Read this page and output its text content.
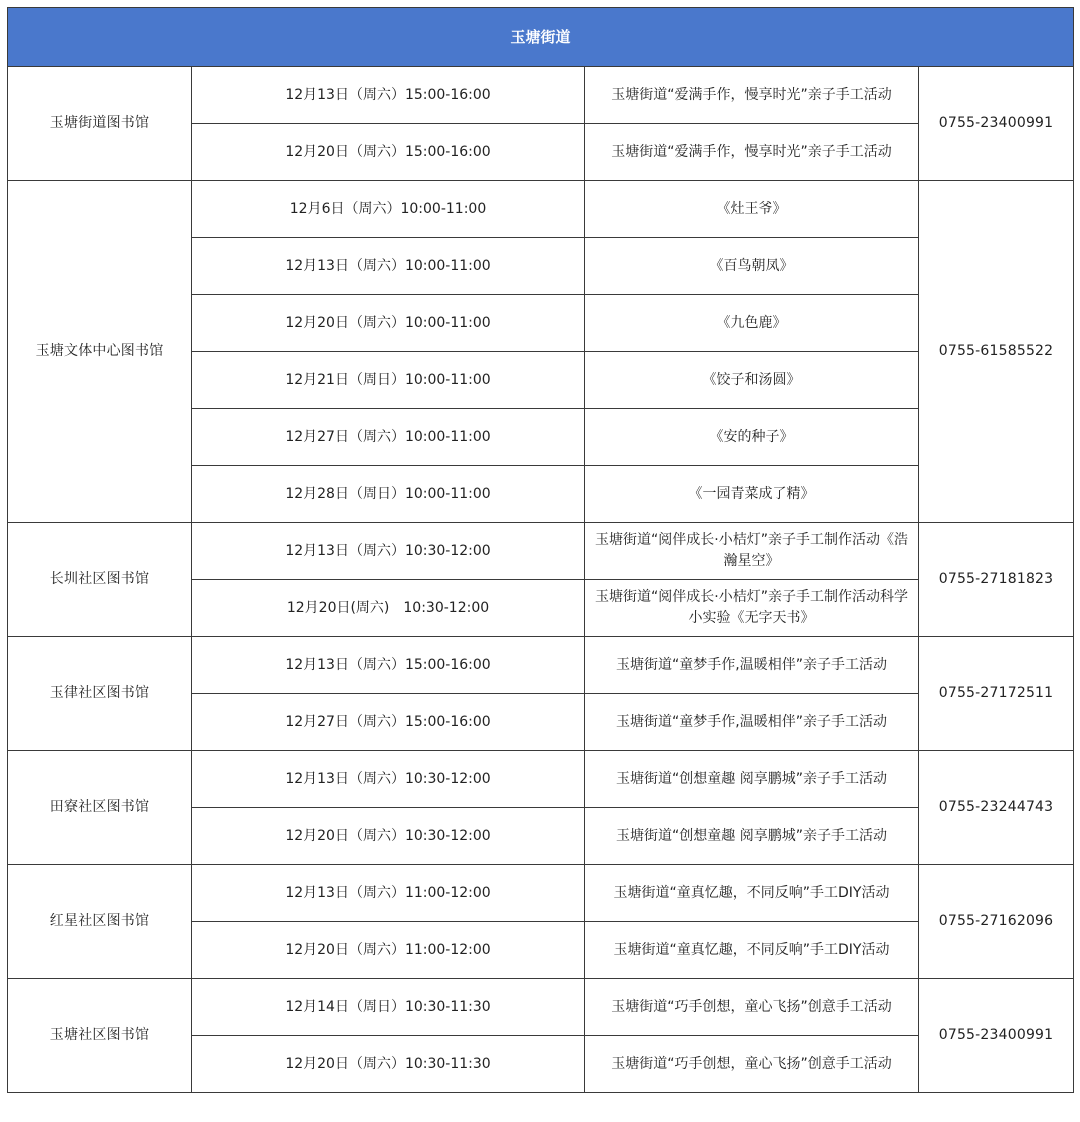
玉塘街道			
玉塘街道图书馆	12月13日（周六）15:00-16:00	玉塘街道“爱满手作，慢享时光”亲子手工活动	0755-23400991
	12月20日（周六）15:00-16:00	玉塘街道“爱满手作，慢享时光”亲子手工活动	
玉塘文体中心图书馆	12月6日（周六）10:00-11:00	《灶王爷》	0755-61585522
	12月13日（周六）10:00-11:00	《百鸟朝凤》	
	12月20日（周六）10:00-11:00	《九色鹿》	
	12月21日（周日）10:00-11:00	《饺子和汤圆》	
	12月27日（周六）10:00-11:00	《安的种子》	
	12月28日（周日）10:00-11:00	《一园青菜成了精》	
长圳社区图书馆	12月13日（周六）10:30-12:00	玉塘街道“阅伴成长·小桔灯”亲子手工制作活动《浩瀚星空》	0755-27181823
	12月20日(周六)　10:30-12:00	玉塘街道“阅伴成长·小桔灯”亲子手工制作活动科学小实验《无字天书》	
玉律社区图书馆	12月13日（周六）15:00-16:00	玉塘街道“童梦手作,温暖相伴”亲子手工活动	0755-27172511
	12月27日（周六）15:00-16:00	玉塘街道“童梦手作,温暖相伴”亲子手工活动	
田寮社区图书馆	12月13日（周六）10:30-12:00	玉塘街道“创想童趣 阅享鹏城”亲子手工活动	0755-23244743
	12月20日（周六）10:30-12:00	玉塘街道“创想童趣 阅享鹏城”亲子手工活动	
红星社区图书馆	12月13日（周六）11:00-12:00	玉塘街道“童真忆趣，不同反响”手工DIY活动	0755-27162096
	12月20日（周六）11:00-12:00	玉塘街道“童真忆趣，不同反响”手工DIY活动	
玉塘社区图书馆	12月14日（周日）10:30-11:30	玉塘街道“巧手创想，童心飞扬”创意手工活动	0755-23400991
	12月20日（周六）10:30-11:30	玉塘街道“巧手创想，童心飞扬”创意手工活动	
